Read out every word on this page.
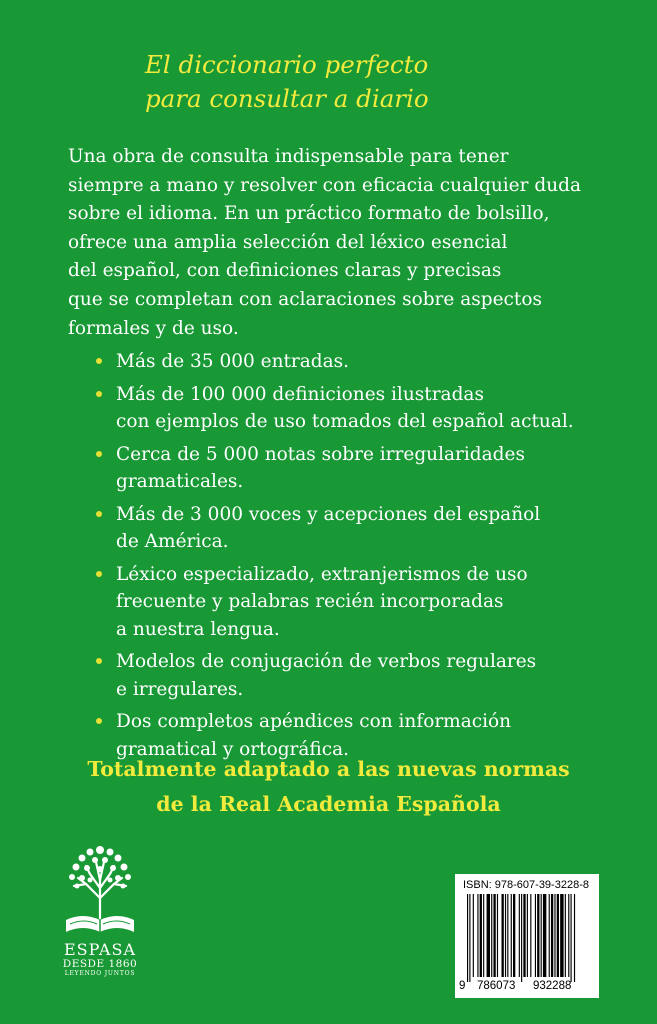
El diccionario perfecto
para consultar a diario
Una obra de consulta indispensable para tener
siempre a mano y resolver con eficacia cualquier duda
sobre el idioma. En un práctico formato de bolsillo,
ofrece una amplia selección del léxico esencial
del español, con definiciones claras y precisas
que se completan con aclaraciones sobre aspectos
formales y de uso.
Más de 35 000 entradas.
Más de 100 000 definiciones ilustradas
con ejemplos de uso tomados del español actual.
Cerca de 5 000 notas sobre irregularidades
gramaticales.
Más de 3 000 voces y acepciones del español
de América.
Léxico especializado, extranjerismos de uso
frecuente y palabras recién incorporadas
a nuestra lengua.
Modelos de conjugación de verbos regulares
e irregulares.
Dos completos apéndices con información
gramatical y ortográfica.
Totalmente adaptado a las nuevas normas
de la Real Academia Española
ESPASA
DESDE 1860
LEYENDO JUNTOS
ISBN: 978-607-39-3228-8
9 786073 932288
